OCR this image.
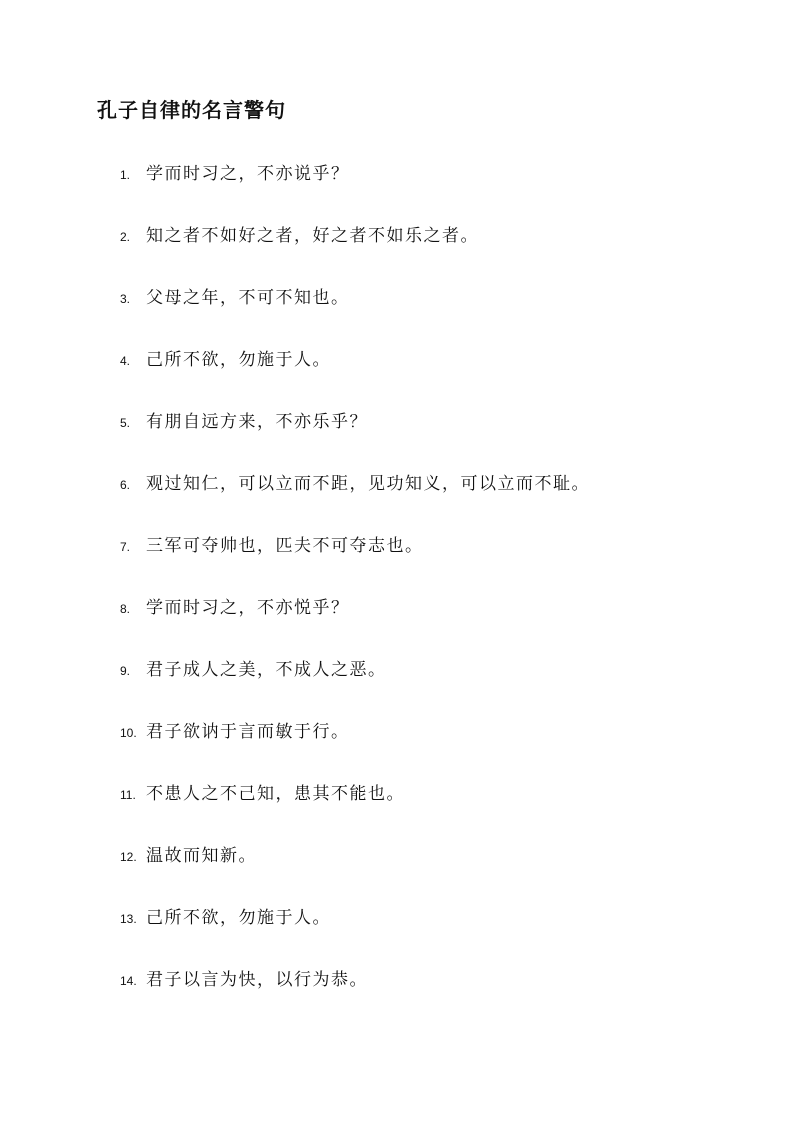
孔子自律的名言警句
1. 学而时习之，不亦说乎？
2. 知之者不如好之者，好之者不如乐之者。
3. 父母之年，不可不知也。
4. 己所不欲，勿施于人。
5. 有朋自远方来，不亦乐乎？
6. 观过知仁，可以立而不距，见功知义，可以立而不耻。
7. 三军可夺帅也，匹夫不可夺志也。
8. 学而时习之，不亦悦乎？
9. 君子成人之美，不成人之恶。
10. 君子欲讷于言而敏于行。
11. 不患人之不己知，患其不能也。
12. 温故而知新。
13. 己所不欲，勿施于人。
14. 君子以言为快，以行为恭。
